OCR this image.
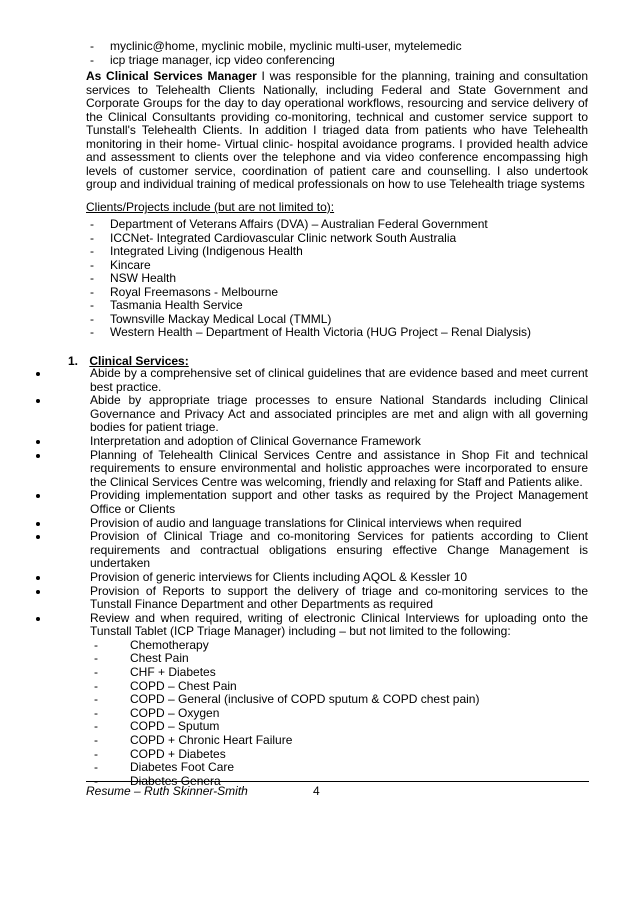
- myclinic@home, myclinic mobile, myclinic multi-user, mytelemedic
- icp triage manager, icp video conferencing

As Clinical Services Manager I was responsible for the planning, training and consultation services to Telehealth Clients Nationally, including Federal and State Government and Corporate Groups for the day to day operational workflows, resourcing and service delivery of the Clinical Consultants providing co-monitoring, technical and customer service support to Tunstall's Telehealth Clients. In addition I triaged data from patients who have Telehealth monitoring in their home- Virtual clinic- hospital avoidance programs. I provided health advice and assessment to clients over the telephone and via video conference encompassing high levels of customer service, coordination of patient care and counselling. I also undertook group and individual training of medical professionals on how to use Telehealth triage systems

Clients/Projects include (but are not limited to):

- Department of Veterans Affairs (DVA) – Australian Federal Government
- ICCNet- Integrated Cardiovascular Clinic network South Australia
- Integrated Living (Indigenous Health
- Kincare
- NSW Health
- Royal Freemasons - Melbourne
- Tasmania Health Service
- Townsville Mackay Medical Local (TMML)
- Western Health – Department of Health Victoria (HUG Project – Renal Dialysis)

1. Clinical Services:

Abide by a comprehensive set of clinical guidelines that are evidence based and meet current best practice.
Abide by appropriate triage processes to ensure National Standards including Clinical Governance and Privacy Act and associated principles are met and align with all governing bodies for patient triage.
Interpretation and adoption of Clinical Governance Framework
Planning of Telehealth Clinical Services Centre and assistance in Shop Fit and technical requirements to ensure environmental and holistic approaches were incorporated to ensure the Clinical Services Centre was welcoming, friendly and relaxing for Staff and Patients alike.
Providing implementation support and other tasks as required by the Project Management Office or Clients
Provision of audio and language translations for Clinical interviews when required
Provision of Clinical Triage and co-monitoring Services for patients according to Client requirements and contractual obligations ensuring effective Change Management is undertaken
Provision of generic interviews for Clients including AQOL & Kessler 10
Provision of Reports to support the delivery of triage and co-monitoring services to the Tunstall Finance Department and other Departments as required
Review and when required, writing of electronic Clinical Interviews for uploading onto the Tunstall Tablet (ICP Triage Manager) including – but not limited to the following:
-	Chemotherapy
-	Chest Pain
-	CHF + Diabetes
-	COPD – Chest Pain
-	COPD – General (inclusive of COPD sputum & COPD chest pain)
-	COPD – Oxygen
-	COPD – Sputum
-	COPD + Chronic Heart Failure
-	COPD + Diabetes
-	Diabetes Foot Care
-	Diabetes Genera
Resume – Ruth Skinner-Smith	4
